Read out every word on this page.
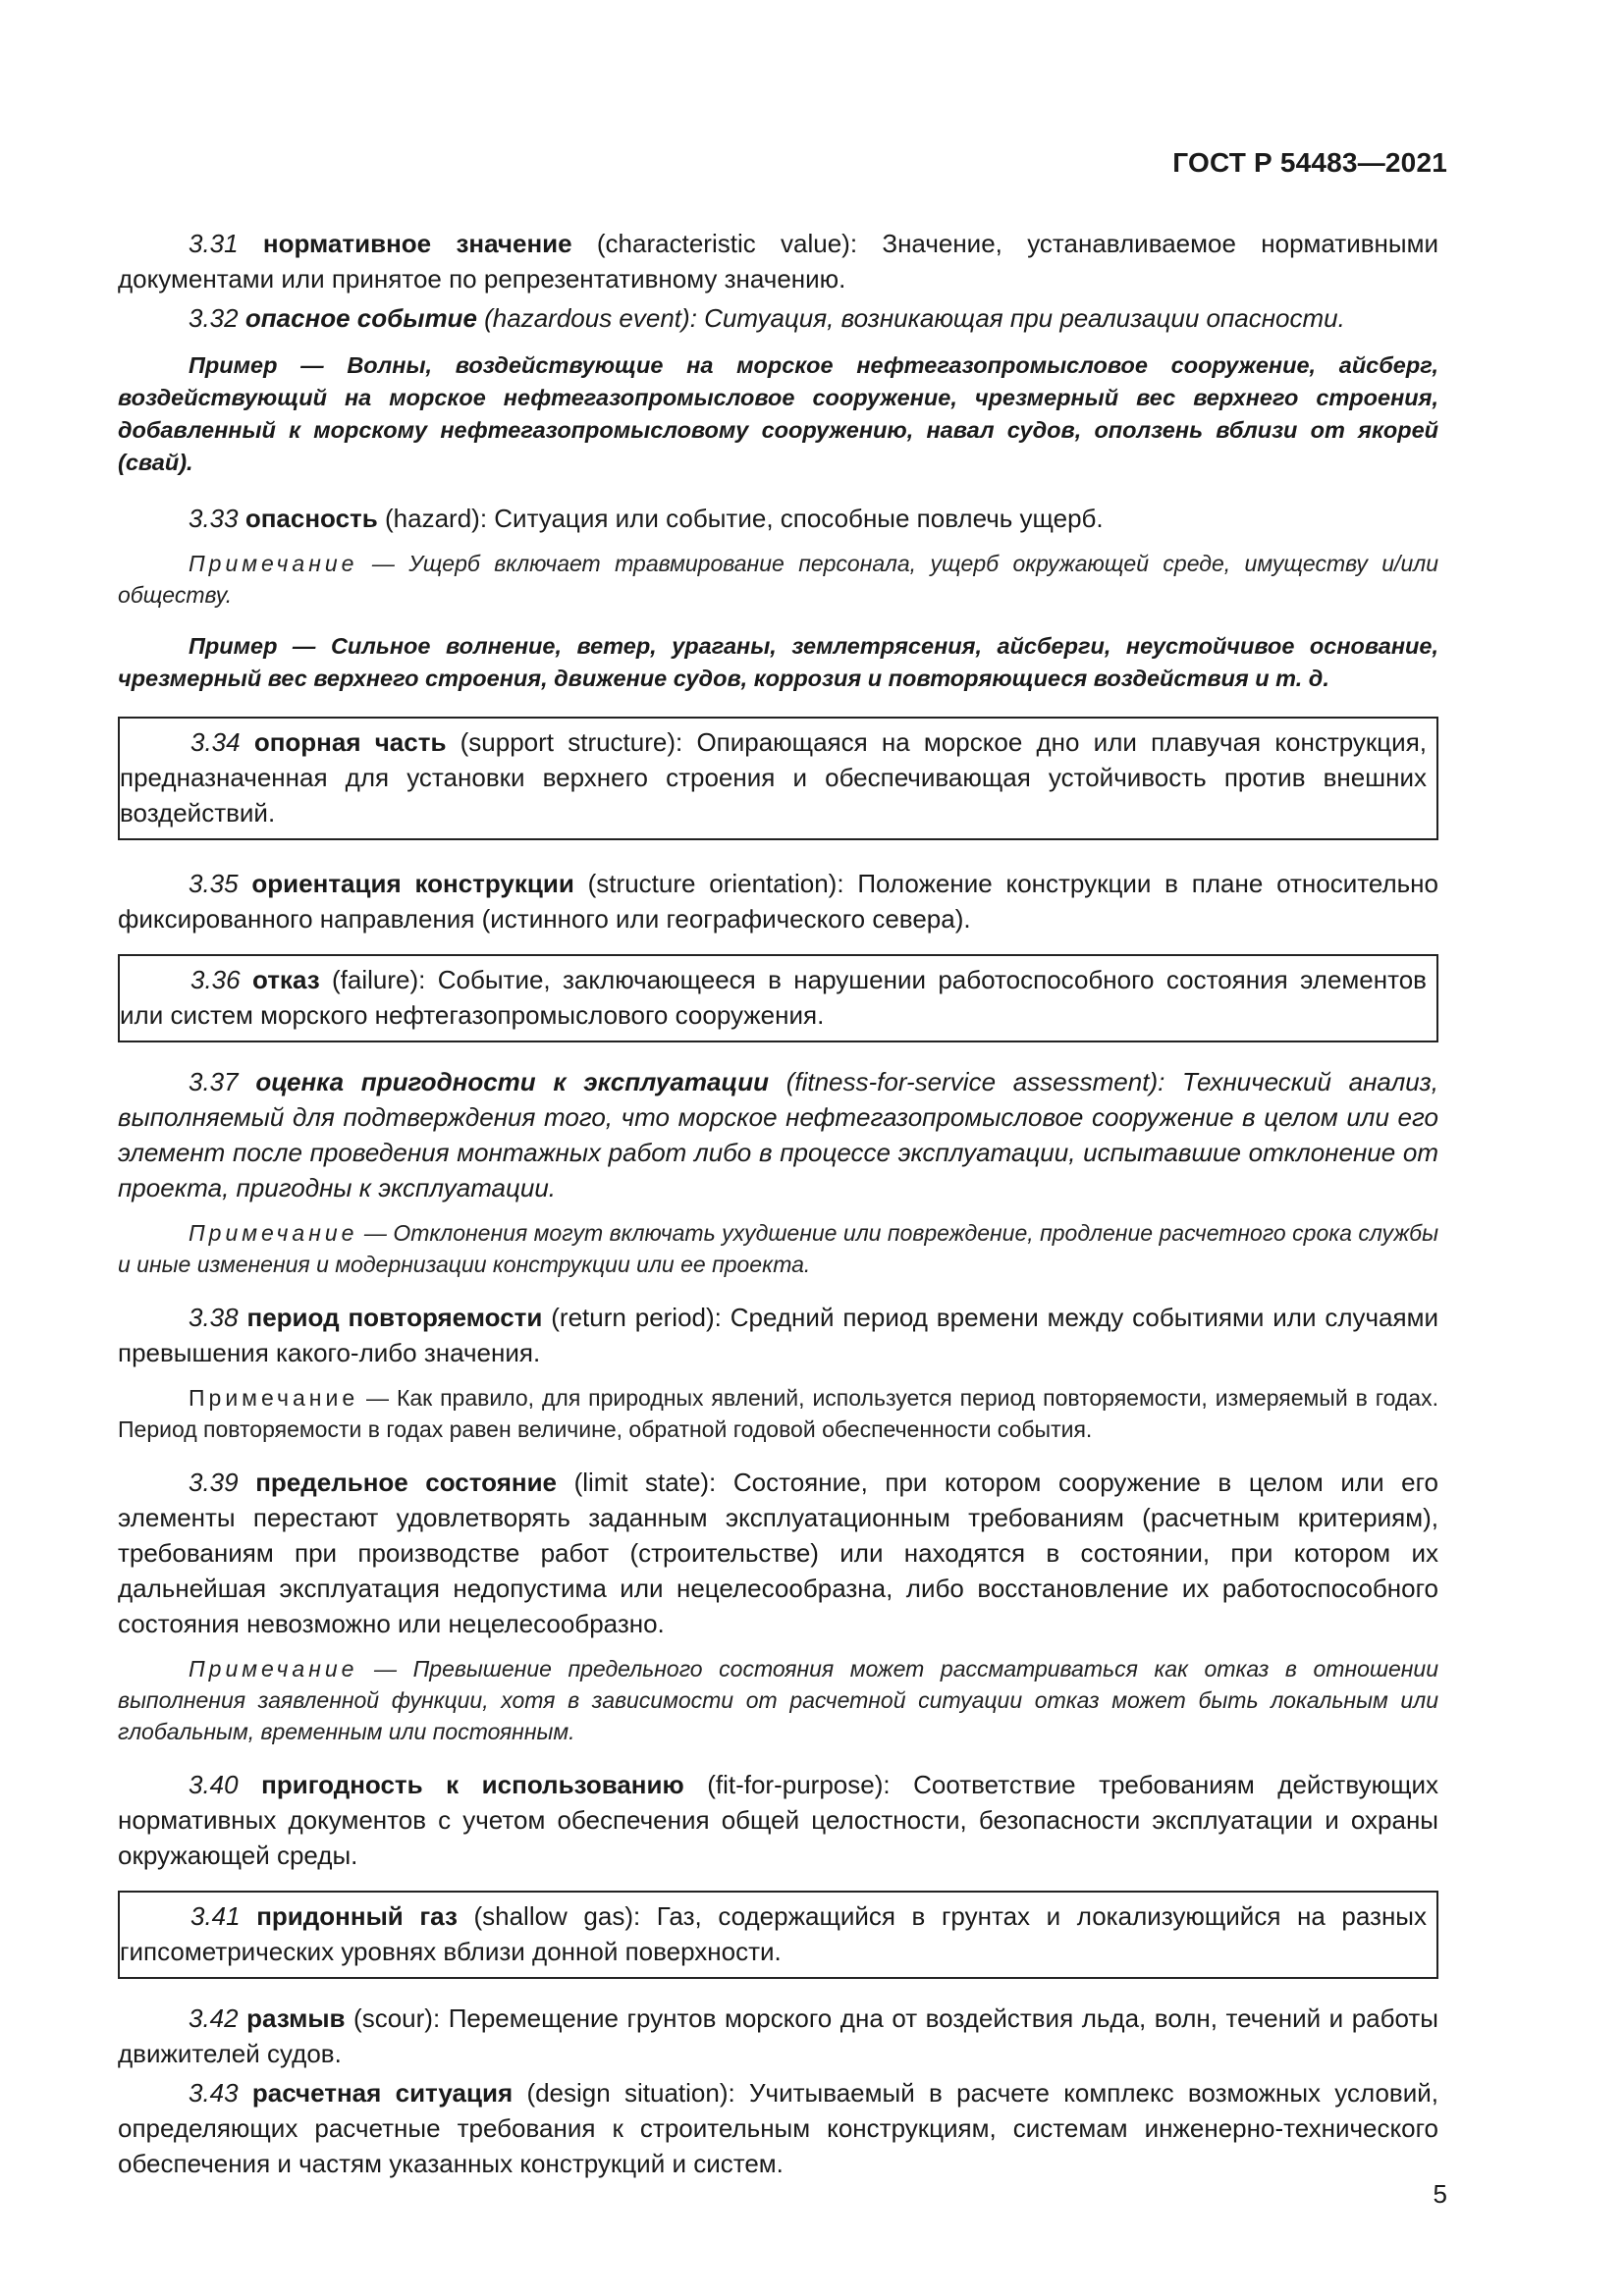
ГОСТ Р 54483—2021

3.31 нормативное значение (characteristic value): Значение, устанавливаемое нормативными документами или принятое по репрезентативному значению.

3.32 опасное событие (hazardous event): Ситуация, возникающая при реализации опасности.

Пример — Волны, воздействующие на морское нефтегазопромысловое сооружение, айсберг, воздействующий на морское нефтегазопромысловое сооружение, чрезмерный вес верхнего строения, добавленный к морскому нефтегазопромысловому сооружению, навал судов, оползень вблизи от якорей (свай).

3.33 опасность (hazard): Ситуация или событие, способные повлечь ущерб.

Примечание — Ущерб включает травмирование персонала, ущерб окружающей среде, имуществу и/или обществу.

Пример — Сильное волнение, ветер, ураганы, землетрясения, айсберги, неустойчивое основание, чрезмерный вес верхнего строения, движение судов, коррозия и повторяющиеся воздействия и т. д.

3.34 опорная часть (support structure): Опирающаяся на морское дно или плавучая конструкция, предназначенная для установки верхнего строения и обеспечивающая устойчивость против внешних воздействий.

3.35 ориентация конструкции (structure orientation): Положение конструкции в плане относительно фиксированного направления (истинного или географического севера).

3.36 отказ (failure): Событие, заключающееся в нарушении работоспособного состояния элементов или систем морского нефтегазопромыслового сооружения.

3.37 оценка пригодности к эксплуатации (fitness-for-service assessment): Технический анализ, выполняемый для подтверждения того, что морское нефтегазопромысловое сооружение в целом или его элемент после проведения монтажных работ либо в процессе эксплуатации, испытавшие отклонение от проекта, пригодны к эксплуатации.

Примечание — Отклонения могут включать ухудшение или повреждение, продление расчетного срока службы и иные изменения и модернизации конструкции или ее проекта.

3.38 период повторяемости (return period): Средний период времени между событиями или случаями превышения какого-либо значения.

Примечание — Как правило, для природных явлений, используется период повторяемости, измеряемый в годах. Период повторяемости в годах равен величине, обратной годовой обеспеченности события.

3.39 предельное состояние (limit state): Состояние, при котором сооружение в целом или его элементы перестают удовлетворять заданным эксплуатационным требованиям (расчетным критериям), требованиям при производстве работ (строительстве) или находятся в состоянии, при котором их дальнейшая эксплуатация недопустима или нецелесообразна, либо восстановление их работоспособного состояния невозможно или нецелесообразно.

Примечание — Превышение предельного состояния может рассматриваться как отказ в отношении выполнения заявленной функции, хотя в зависимости от расчетной ситуации отказ может быть локальным или глобальным, временным или постоянным.

3.40 пригодность к использованию (fit-for-purpose): Соответствие требованиям действующих нормативных документов с учетом обеспечения общей целостности, безопасности эксплуатации и охраны окружающей среды.

3.41 придонный газ (shallow gas): Газ, содержащийся в грунтах и локализующийся на разных гипсометрических уровнях вблизи донной поверхности.

3.42 размыв (scour): Перемещение грунтов морского дна от воздействия льда, волн, течений и работы движителей судов.

3.43 расчетная ситуация (design situation): Учитываемый в расчете комплекс возможных условий, определяющих расчетные требования к строительным конструкциям, системам инженерно-технического обеспечения и частям указанных конструкций и систем.

5
